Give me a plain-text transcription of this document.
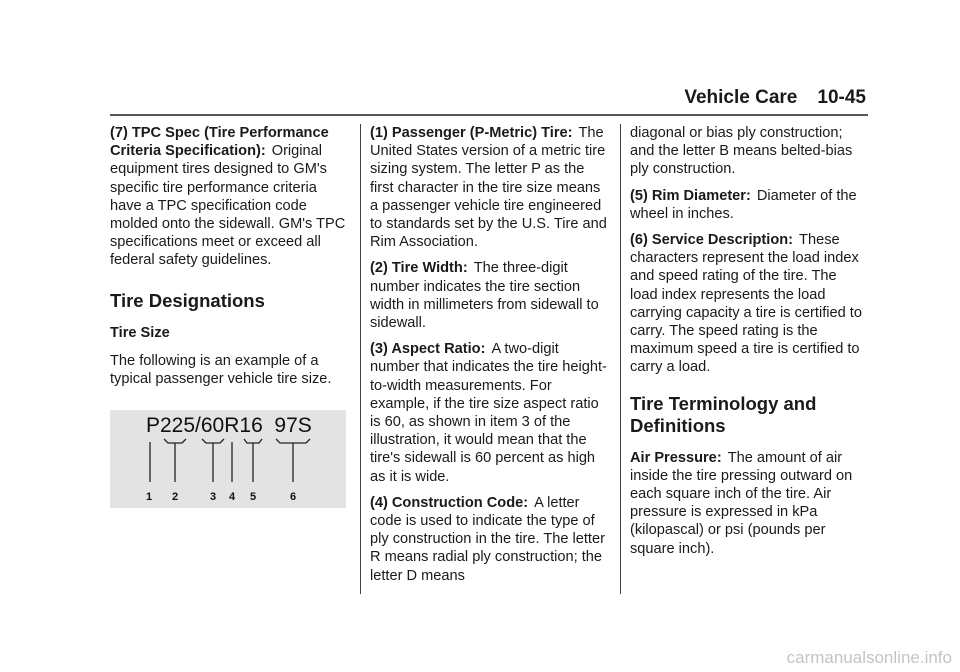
Vehicle Care 10-45

(7) TPC Spec (Tire Performance Criteria Specification): Original equipment tires designed to GM's specific tire performance criteria have a TPC specification code molded onto the sidewall. GM's TPC specifications meet or exceed all federal safety guidelines.

Tire Designations
Tire Size

The following is an example of a typical passenger vehicle tire size.

P225/60R16  97S
1 2	3 4 5	6

(1) Passenger (P-Metric) Tire: The United States version of a metric tire sizing system. The letter P as the first character in the tire size means a passenger vehicle tire engineered to standards set by the U.S. Tire and Rim Association.

(2) Tire Width: The three-digit number indicates the tire section width in millimeters from sidewall to sidewall.

(3) Aspect Ratio: A two-digit number that indicates the tire height-to-width measurements. For example, if the tire size aspect ratio is 60, as shown in item 3 of the illustration, it would mean that the tire's sidewall is 60 percent as high as it is wide.

(4) Construction Code: A letter code is used to indicate the type of ply construction in the tire. The letter R means radial ply construction; the letter D means

diagonal or bias ply construction; and the letter B means belted-bias ply construction.

(5) Rim Diameter: Diameter of the wheel in inches.

(6) Service Description: These characters represent the load index and speed rating of the tire. The load index represents the load carrying capacity a tire is certified to carry. The speed rating is the maximum speed a tire is certified to carry a load.

Tire Terminology and Definitions

Air Pressure: The amount of air inside the tire pressing outward on each square inch of the tire. Air pressure is expressed in kPa (kilopascal) or psi (pounds per square inch).

carmanualsonline.info
